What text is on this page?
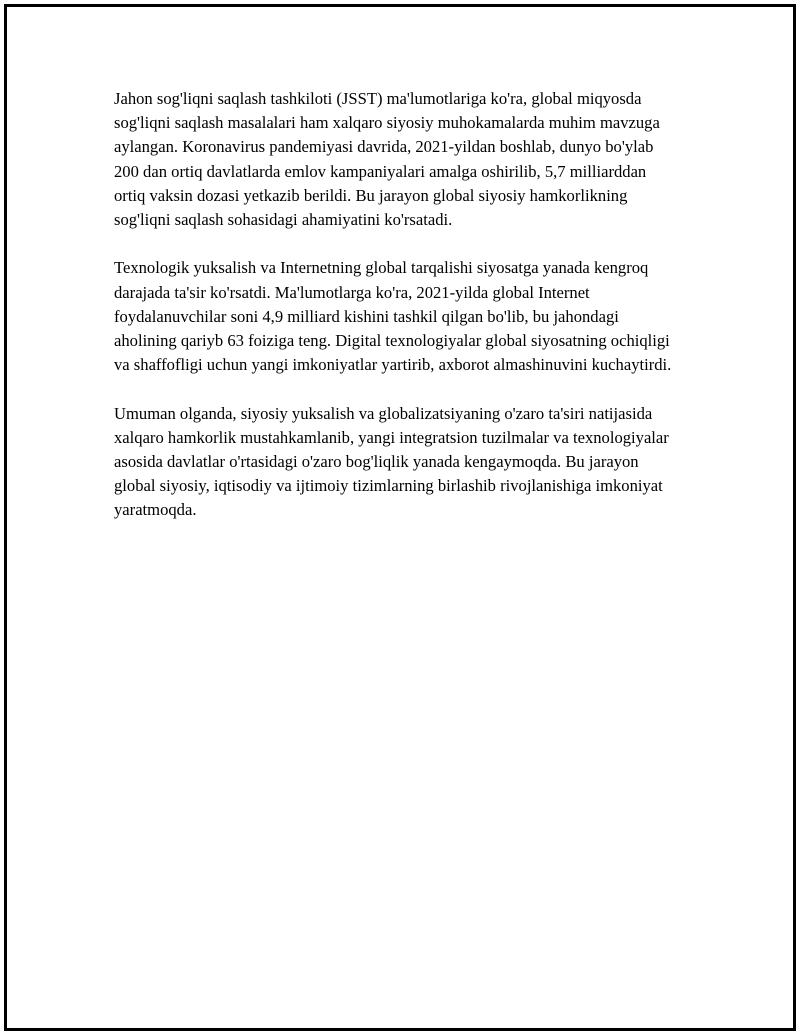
Jahon sog'liqni saqlash tashkiloti (JSST) ma'lumotlariga ko'ra, global miqyosda sog'liqni saqlash masalalari ham xalqaro siyosiy muhokamalarda muhim mavzuga aylangan. Koronavirus pandemiyasi davrida, 2021-yildan boshlab, dunyo bo'ylab 200 dan ortiq davlatlarda emlov kampaniyalari amalga oshirilib, 5,7 milliarddan ortiq vaksin dozasi yetkazib berildi. Bu jarayon global siyosiy hamkorlikning sog'liqni saqlash sohasidagi ahamiyatini ko'rsatadi.

Texnologik yuksalish va Internetning global tarqalishi siyosatga yanada kengroq darajada ta'sir ko'rsatdi. Ma'lumotlarga ko'ra, 2021-yilda global Internet foydalanuvchilar soni 4,9 milliard kishini tashkil qilgan bo'lib, bu jahondagi aholining qariyb 63 foiziga teng. Digital texnologiyalar global siyosatning ochiqligi va shaffofligi uchun yangi imkoniyatlar yartirib, axborot almashinuvini kuchaytirdi.

Umuman olganda, siyosiy yuksalish va globalizatsiyaning o'zaro ta'siri natijasida xalqaro hamkorlik mustahkamlanib, yangi integratsion tuzilmalar va texnologiyalar asosida davlatlar o'rtasidagi o'zaro bog'liqlik yanada kengaymoqda. Bu jarayon global siyosiy, iqtisodiy va ijtimoiy tizimlarning birlashib rivojlanishiga imkoniyat yaratmoqda.
